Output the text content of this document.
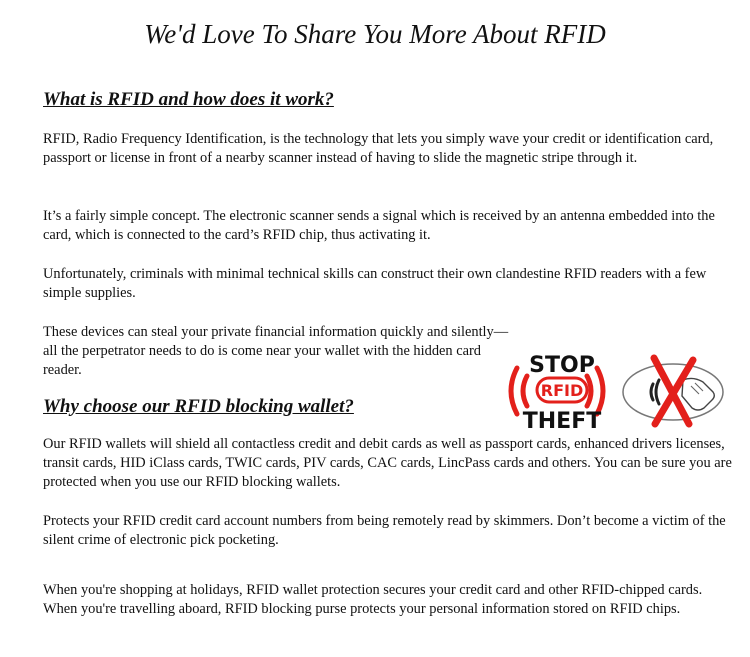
We'd Love To Share You More About RFID
What is RFID and how does it work?

RFID, Radio Frequency Identification, is the technology that lets you simply wave your credit or identification card, passport or license in front of a nearby scanner instead of having to slide the magnetic stripe through it.

It’s a fairly simple concept. The electronic scanner sends a signal which is received by an antenna embedded into the card, which is connected to the card’s RFID chip, thus activating it.

Unfortunately, criminals with minimal technical skills can construct their own clandestine RFID readers with a few simple supplies.

These devices can steal your private financial information quickly and silently—all the perpetrator needs to do is come near your wallet with the hidden card reader.

Why choose our RFID blocking wallet?

Our RFID wallets will shield all contactless credit and debit cards as well as passport cards, enhanced drivers licenses, transit cards, HID iClass cards, TWIC cards, PIV cards, CAC cards, LincPass cards and others. You can be sure you are protected when you use our RFID blocking wallets.

Protects your RFID credit card account numbers from being remotely read by skimmers. Don’t become a victim of the silent crime of electronic pick pocketing.

When you're shopping at holidays, RFID wallet protection secures your credit card and other RFID-chipped cards. When you're travelling aboard, RFID blocking purse protects your personal information stored on RFID chips.

STOP
RFID
THEFT
